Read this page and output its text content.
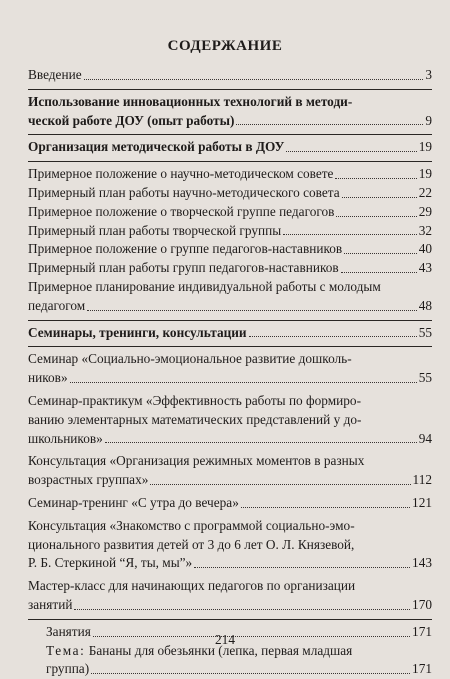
СОДЕРЖАНИЕ
Введение	3
Использование инновационных технологий в методи-
ческой работе ДОУ (опыт работы)	9
Организация методической работы в ДОУ	19
Примерное положение о научно-методическом совете	19
Примерный план работы научно-методического совета	22
Примерное положение о творческой группе педагогов	29
Примерный план работы творческой группы	32
Примерное положение о группе педагогов-наставников	40
Примерный план работы групп педагогов-наставников	43
Примерное планирование индивидуальной работы с молодым
педагогом	48
Семинары, тренинги, консультации	55
Семинар «Социально-эмоциональное развитие дошколь-
ников»	55
Семинар-практикум «Эффективность работы по формиро-
ванию элементарных математических представлений у до-
школьников»	94
Консультация «Организация режимных моментов в разных
возрастных группах»	112
Семинар-тренинг «С утра до вечера»	121
Консультация «Знакомство с программой социально-эмо-
ционального развития детей от 3 до 6 лет О. Л. Князевой,
Р. Б. Стеркиной “Я, ты, мы”»	143
Мастер-класс для начинающих педагогов по организации
занятий	170
Занятия	171
Тема: Бананы для обезьянки (лепка, первая младшая
группа)	171
214
